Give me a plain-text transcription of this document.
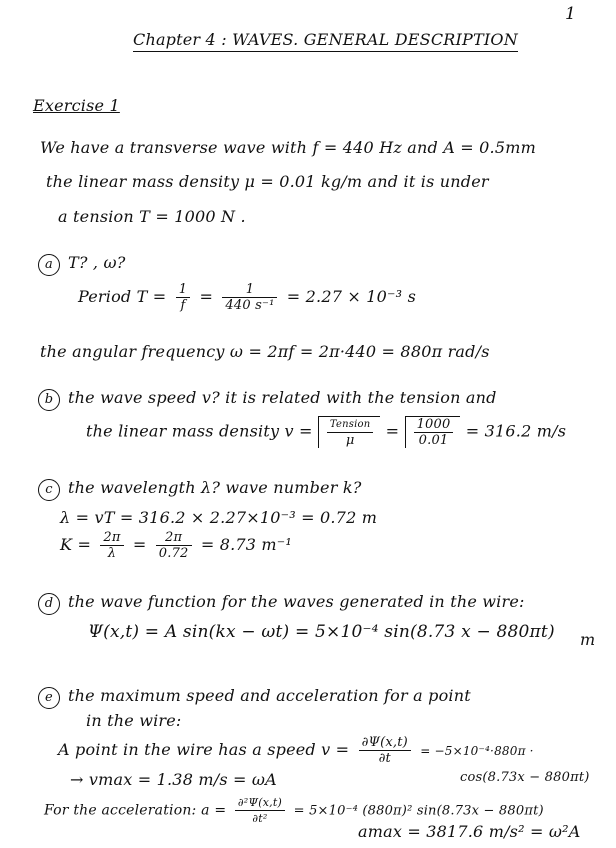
1
Chapter 4 : WAVES. GENERAL DESCRIPTION
Exercise 1
We have a transverse wave with f = 440 Hz and A = 0.5mm
the linear mass density μ = 0.01 kg/m and it is under
a tension T = 1000 N .
a T? , ω?
Period $T = \frac{1}{f} = \frac{1}{\text{440 s⁻¹}} = 2.27 \times 10^{-3}$ s
the angular frequency ω = 2πf = 2π·440 = 880π rad/s
b the wave speed v? it is related with the tension and
the linear mass density $v = \frac{\text{Tension}}{\mu} = \frac{1000}{0.01} = 316.2$ m/s
c the wavelength λ? wave number k?
λ = vT = 316.2 × 2.27×10⁻³ = 0.72 m
$K = \frac{2\pi}{\lambda} = \frac{2\pi}{0.72} = 8.73$ m⁻¹
d the wave function for the waves generated in the wire:
Ψ(x,t) = A sin(kx − ωt) = 5×10⁻⁴ sin(8.73 x − 880πt) m
e the maximum speed and acceleration for a point
in the wire:
A point in the wire has a speed $v = \frac{\partial\Psi(x,t)}{\partial t} = -5\times 10^{-4}\cdot 880\pi$ ·
cos(8.73x − 880πt)
→ vmax = 1.38 m/s = ωA
For the acceleration: $a = \frac{\text{∂²Ψ(x,t)}}{\text{∂t²}} = 5\times 10^{-4}$ (880π)² sin(8.73x − 880πt)
amax = 3817.6 m/s² = ω²A
